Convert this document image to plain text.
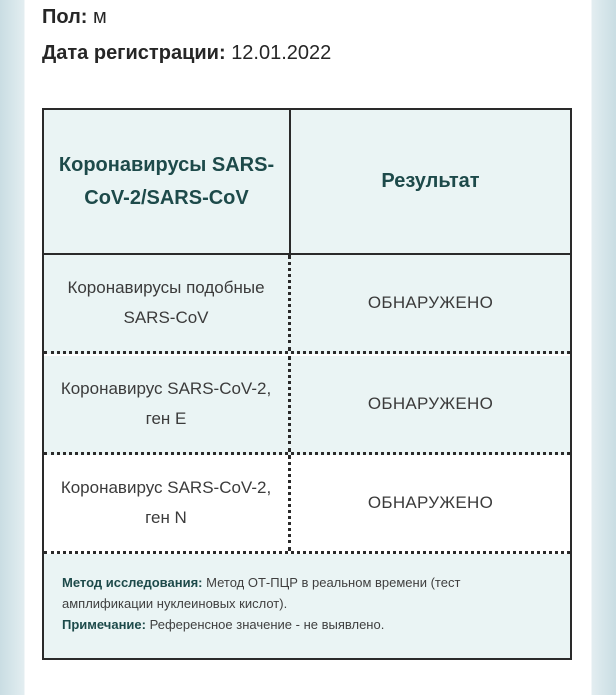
Пол: м
Дата регистрации: 12.01.2022
Коронавирусы SARS-CoV-2/SARS-CoV
Результат
Коронавирусы подобные SARS-CoV
ОБНАРУЖЕНО
Коронавирус SARS-CoV-2, ген E
ОБНАРУЖЕНО
Коронавирус SARS-CoV-2, ген N
ОБНАРУЖЕНО
Метод исследования: Метод ОТ-ПЦР в реальном времени (тест амплификации нуклеиновых кислот).
Примечание: Референсное значение - не выявлено.
